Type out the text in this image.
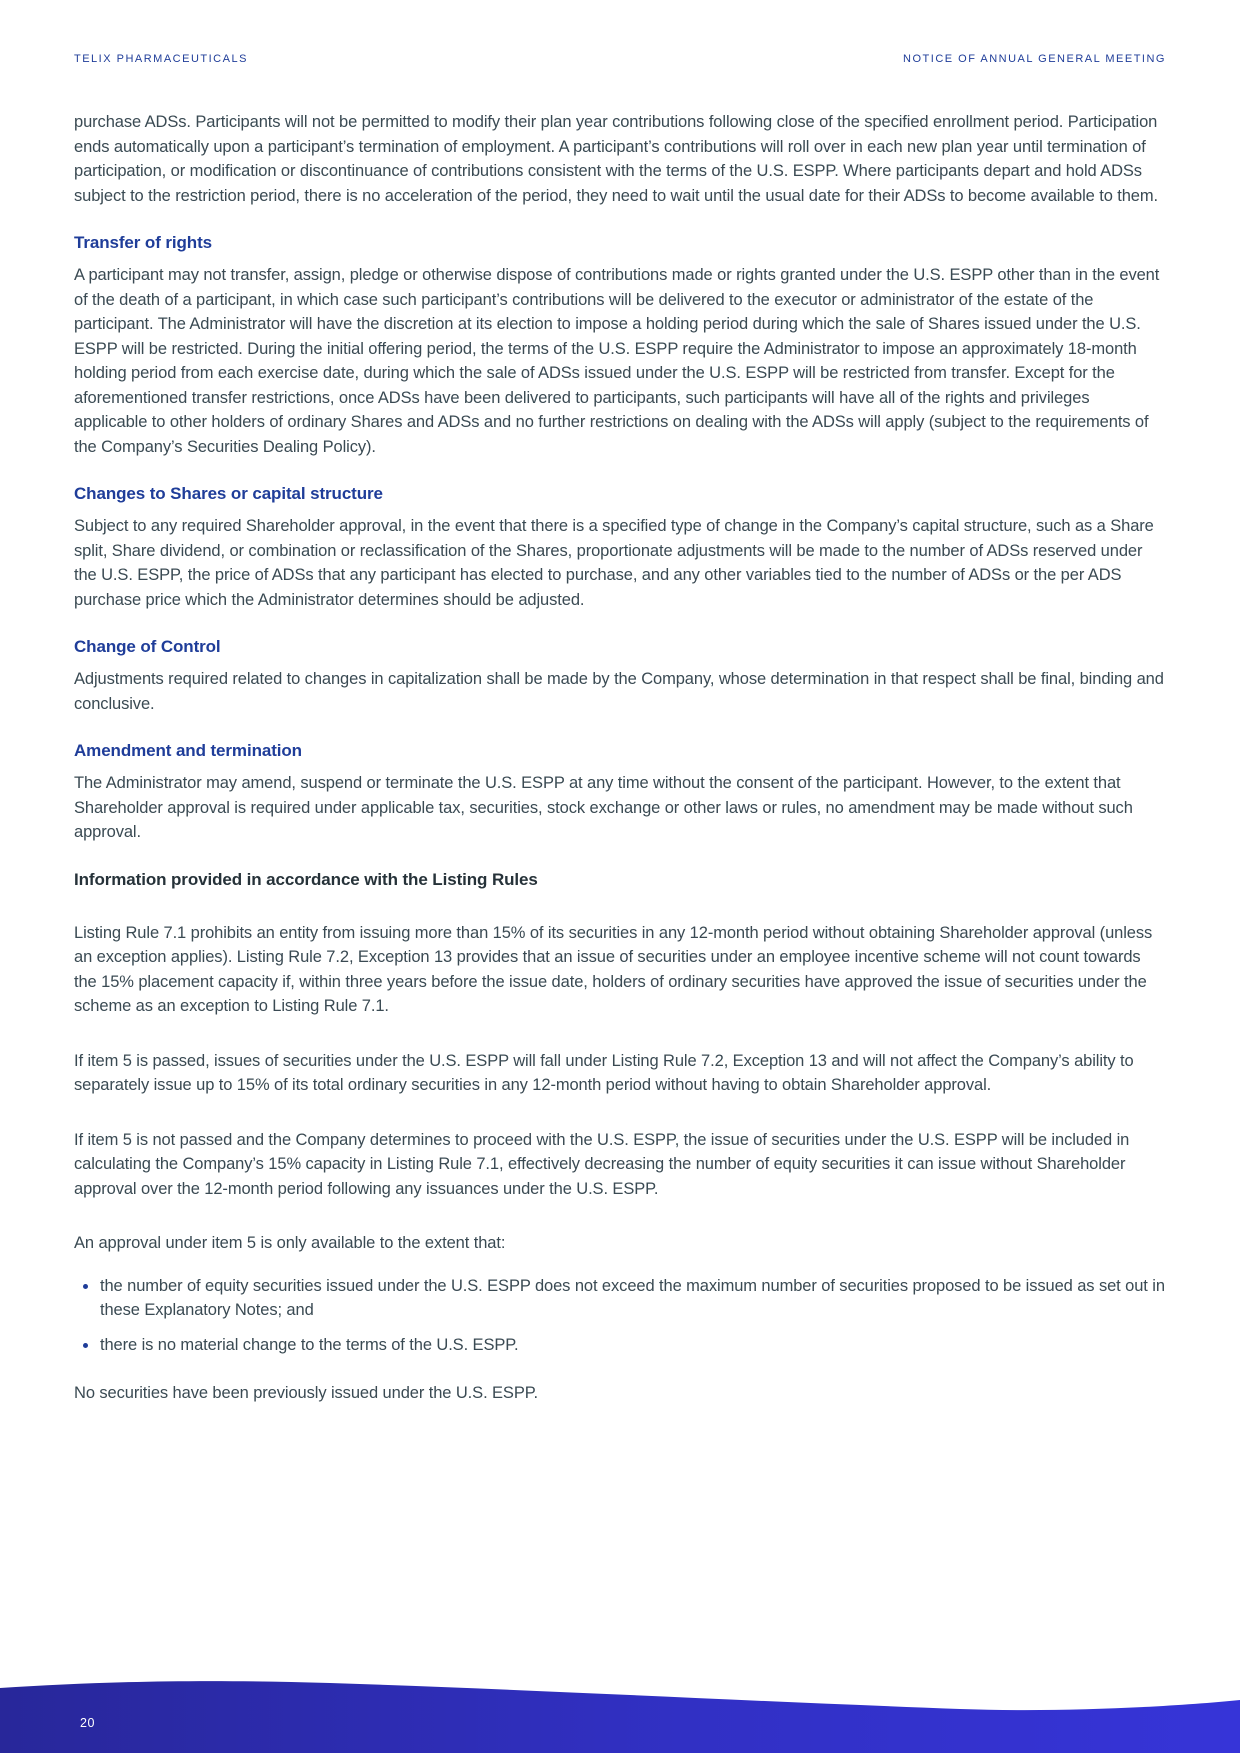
TELIX PHARMACEUTICALS	NOTICE OF ANNUAL GENERAL MEETING

purchase ADSs. Participants will not be permitted to modify their plan year contributions following close of the specified enrollment period. Participation ends automatically upon a participant’s termination of employment. A participant’s contributions will roll over in each new plan year until termination of participation, or modification or discontinuance of contributions consistent with the terms of the U.S. ESPP. Where participants depart and hold ADSs subject to the restriction period, there is no acceleration of the period, they need to wait until the usual date for their ADSs to become available to them.

Transfer of rights

A participant may not transfer, assign, pledge or otherwise dispose of contributions made or rights granted under the U.S. ESPP other than in the event of the death of a participant, in which case such participant’s contributions will be delivered to the executor or administrator of the estate of the participant. The Administrator will have the discretion at its election to impose a holding period during which the sale of Shares issued under the U.S. ESPP will be restricted. During the initial offering period, the terms of the U.S. ESPP require the Administrator to impose an approximately 18-month holding period from each exercise date, during which the sale of ADSs issued under the U.S. ESPP will be restricted from transfer. Except for the aforementioned transfer restrictions, once ADSs have been delivered to participants, such participants will have all of the rights and privileges applicable to other holders of ordinary Shares and ADSs and no further restrictions on dealing with the ADSs will apply (subject to the requirements of the Company’s Securities Dealing Policy).

Changes to Shares or capital structure

Subject to any required Shareholder approval, in the event that there is a specified type of change in the Company’s capital structure, such as a Share split, Share dividend, or combination or reclassification of the Shares, proportionate adjustments will be made to the number of ADSs reserved under the U.S. ESPP, the price of ADSs that any participant has elected to purchase, and any other variables tied to the number of ADSs or the per ADS purchase price which the Administrator determines should be adjusted.

Change of Control

Adjustments required related to changes in capitalization shall be made by the Company, whose determination in that respect shall be final, binding and conclusive.

Amendment and termination

The Administrator may amend, suspend or terminate the U.S. ESPP at any time without the consent of the participant. However, to the extent that Shareholder approval is required under applicable tax, securities, stock exchange or other laws or rules, no amendment may be made without such approval.

Information provided in accordance with the Listing Rules

Listing Rule 7.1 prohibits an entity from issuing more than 15% of its securities in any 12-month period without obtaining Shareholder approval (unless an exception applies). Listing Rule 7.2, Exception 13 provides that an issue of securities under an employee incentive scheme will not count towards the 15% placement capacity if, within three years before the issue date, holders of ordinary securities have approved the issue of securities under the scheme as an exception to Listing Rule 7.1.

If item 5 is passed, issues of securities under the U.S. ESPP will fall under Listing Rule 7.2, Exception 13 and will not affect the Company’s ability to separately issue up to 15% of its total ordinary securities in any 12-month period without having to obtain Shareholder approval.

If item 5 is not passed and the Company determines to proceed with the U.S. ESPP, the issue of securities under the U.S. ESPP will be included in calculating the Company’s 15% capacity in Listing Rule 7.1, effectively decreasing the number of equity securities it can issue without Shareholder approval over the 12-month period following any issuances under the U.S. ESPP.

An approval under item 5 is only available to the extent that:

the number of equity securities issued under the U.S. ESPP does not exceed the maximum number of securities proposed to be issued as set out in these Explanatory Notes; and
there is no material change to the terms of the U.S. ESPP.

No securities have been previously issued under the U.S. ESPP.

20
